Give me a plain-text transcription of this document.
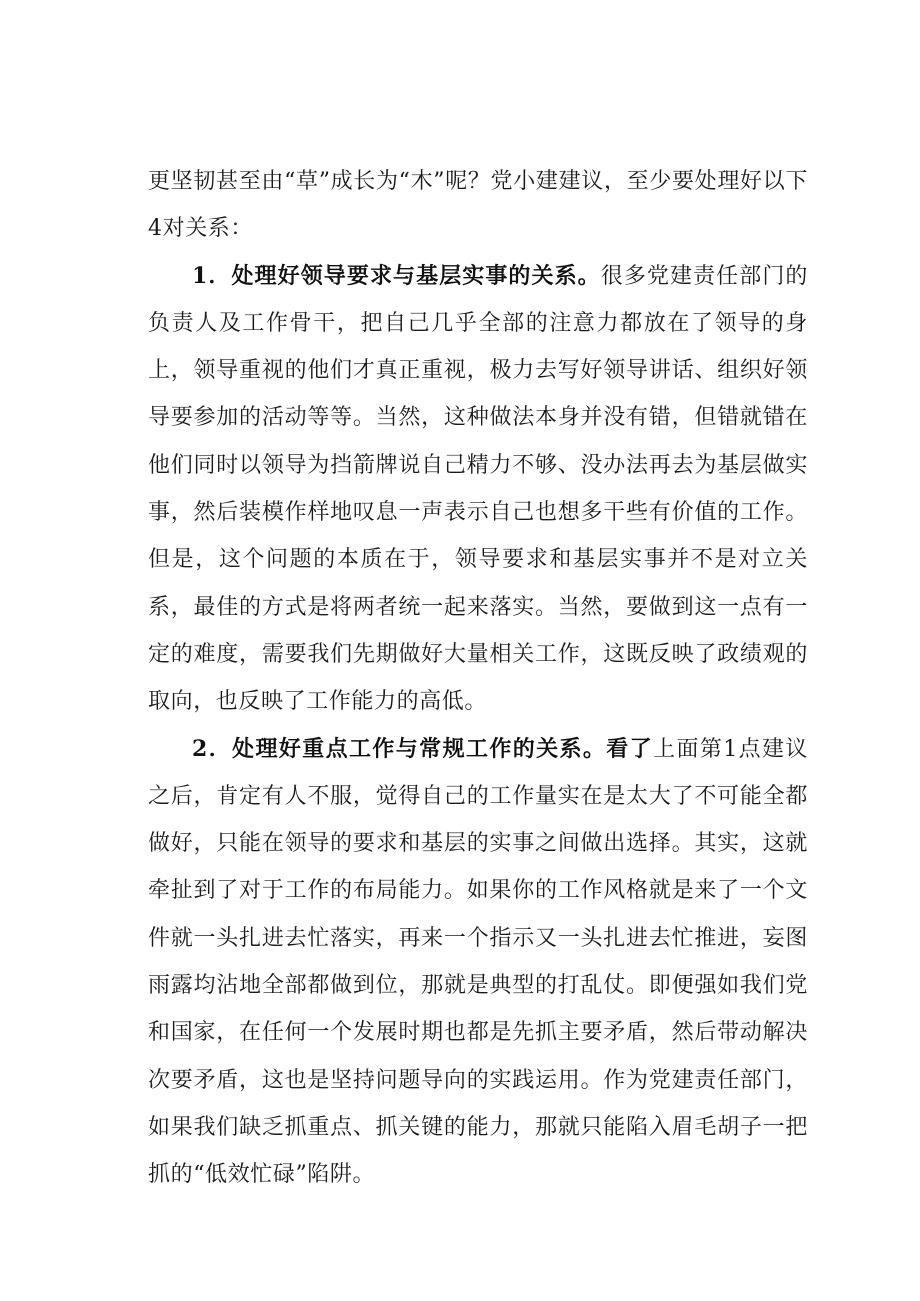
更坚韧甚至由“草”成长为“木”呢？党小建建议，至少要处理好以下4对关系：

1．处理好领导要求与基层实事的关系。很多党建责任部门的负责人及工作骨干，把自己几乎全部的注意力都放在了领导的身上，领导重视的他们才真正重视，极力去写好领导讲话、组织好领导要参加的活动等等。当然，这种做法本身并没有错，但错就错在他们同时以领导为挡箭牌说自己精力不够、没办法再去为基层做实事，然后装模作样地叹息一声表示自己也想多干些有价值的工作。但是，这个问题的本质在于，领导要求和基层实事并不是对立关系，最佳的方式是将两者统一起来落实。当然，要做到这一点有一定的难度，需要我们先期做好大量相关工作，这既反映了政绩观的取向，也反映了工作能力的高低。

2．处理好重点工作与常规工作的关系。看了上面第1点建议之后，肯定有人不服，觉得自己的工作量实在是太大了不可能全都做好，只能在领导的要求和基层的实事之间做出选择。其实，这就牵扯到了对于工作的布局能力。如果你的工作风格就是来了一个文件就一头扎进去忙落实，再来一个指示又一头扎进去忙推进，妄图雨露均沾地全部都做到位，那就是典型的打乱仗。即便强如我们党和国家，在任何一个发展时期也都是先抓主要矛盾，然后带动解决次要矛盾，这也是坚持问题导向的实践运用。作为党建责任部门，如果我们缺乏抓重点、抓关键的能力，那就只能陷入眉毛胡子一把抓的“低效忙碌”陷阱。
